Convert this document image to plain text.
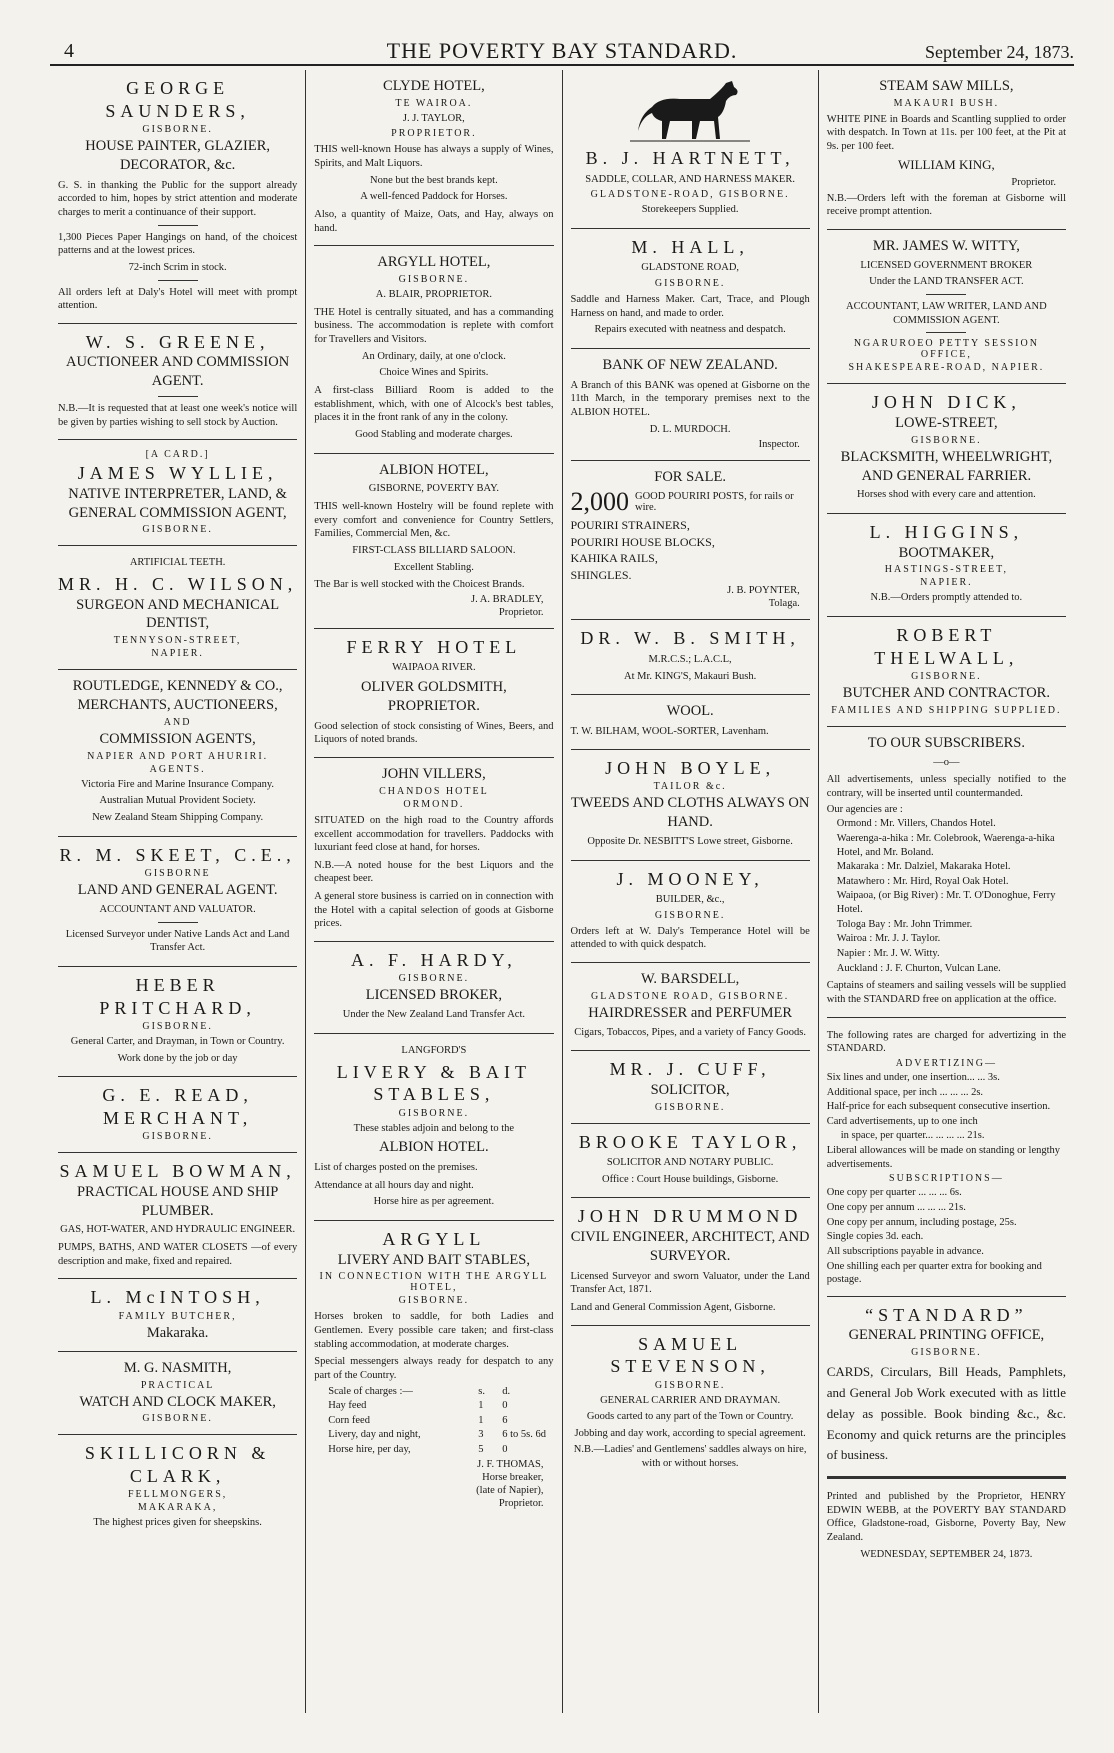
4	THE POVERTY BAY STANDARD.	September 24, 1873.
GEORGE SAUNDERS,
GISBORNE.
HOUSE PAINTER, GLAZIER, DECORATOR, &c.
G. S. in thanking the Public for the support already accorded to him, hopes by strict attention and moderate charges to merit a continuance of their support.
1,300 Pieces Paper Hangings on hand, of the choicest patterns and at the lowest prices.
72-inch Scrim in stock.
All orders left at Daly's Hotel will meet with prompt attention.
W. S. GREENE,
AUCTIONEER AND COMMISSION AGENT.
N.B.—It is requested that at least one week's notice will be given by parties wishing to sell stock by Auction.
[A CARD.]
JAMES WYLLIE,
NATIVE INTERPRETER, LAND, & GENERAL COMMISSION AGENT,
GISBORNE.
ARTIFICIAL TEETH.
MR. H. C. WILSON,
SURGEON AND MECHANICAL DENTIST,
TENNYSON-STREET,
NAPIER.
ROUTLEDGE, KENNEDY & CO.,
MERCHANTS, AUCTIONEERS,
AND
COMMISSION AGENTS,
NAPIER AND PORT AHURIRI.
AGENTS.
Victoria Fire and Marine Insurance Company.
Australian Mutual Provident Society.
New Zealand Steam Shipping Company.
R. M. SKEET, C.E.,
GISBORNE
LAND AND GENERAL AGENT.
ACCOUNTANT AND VALUATOR.
Licensed Surveyor under Native Lands Act and Land Transfer Act.
HEBER PRITCHARD,
GISBORNE.
General Carter, and Drayman, in Town or Country.
Work done by the job or day
G. E. READ,
MERCHANT,
GISBORNE.
SAMUEL BOWMAN,
PRACTICAL HOUSE AND SHIP PLUMBER.
GAS, HOT-WATER, AND HYDRAULIC ENGINEER.
PUMPS, BATHS, AND WATER CLOSETS —of every description and make, fixed and repaired.
L. McINTOSH,
FAMILY BUTCHER,
Makaraka.
M. G. NASMITH,
PRACTICAL
WATCH AND CLOCK MAKER,
GISBORNE.
SKILLICORN & CLARK,
FELLMONGERS,
MAKARAKA,
The highest prices given for sheepskins.
CLYDE HOTEL,
TE WAIROA.
J. J. TAYLOR,
PROPRIETOR.
THIS well-known House has always a supply of Wines, Spirits, and Malt Liquors.
None but the best brands kept.
A well-fenced Paddock for Horses.
Also, a quantity of Maize, Oats, and Hay, always on hand.
ARGYLL HOTEL,
GISBORNE.
A. BLAIR, PROPRIETOR.
THE Hotel is centrally situated, and has a commanding business. The accommodation is replete with comfort for Travellers and Visitors.
An Ordinary, daily, at one o'clock.
Choice Wines and Spirits.
A first-class Billiard Room is added to the establishment, which, with one of Alcock's best tables, places it in the front rank of any in the colony.
Good Stabling and moderate charges.
ALBION HOTEL,
GISBORNE, POVERTY BAY.
THIS well-known Hostelry will be found replete with every comfort and convenience for Country Settlers, Families, Commercial Men, &c.
FIRST-CLASS BILLIARD SALOON.
Excellent Stabling.
The Bar is well stocked with the Choicest Brands.
J. A. BRADLEY,
Proprietor.
FERRY HOTEL
WAIPAOA RIVER.
OLIVER GOLDSMITH, PROPRIETOR.
Good selection of stock consisting of Wines, Beers, and Liquors of noted brands.
JOHN VILLERS,
CHANDOS HOTEL
ORMOND.
SITUATED on the high road to the Country affords excellent accommodation for travellers. Paddocks with luxuriant feed close at hand, for horses.
N.B.—A noted house for the best Liquors and the cheapest beer.
A general store business is carried on in connection with the Hotel with a capital selection of goods at Gisborne prices.
A. F. HARDY,
GISBORNE.
LICENSED BROKER,
Under the New Zealand Land Transfer Act.
LANGFORD'S
LIVERY & BAIT STABLES,
GISBORNE.
These stables adjoin and belong to the
ALBION HOTEL.
List of charges posted on the premises.
Attendance at all hours day and night.
Horse hire as per agreement.
ARGYLL
LIVERY AND BAIT STABLES,
IN CONNECTION WITH THE ARGYLL HOTEL,
GISBORNE.
Horses broken to saddle, for both Ladies and Gentlemen. Every possible care taken; and first-class stabling accommodation, at moderate charges.
Special messengers always ready for despatch to any part of the Country.
Scale of charges :—	s.	d.
Hay feed	1	0
Corn feed	1	6
Livery, day and night,	3	6 to 5s. 6d
Horse hire, per day,	5	0
J. F. THOMAS,
Horse breaker,
(late of Napier),
Proprietor.
B. J. HARTNETT,
SADDLE, COLLAR, AND HARNESS MAKER.
GLADSTONE-ROAD, GISBORNE.
Storekeepers Supplied.
M. HALL,
GLADSTONE ROAD,
GISBORNE.
Saddle and Harness Maker. Cart, Trace, and Plough Harness on hand, and made to order.
Repairs executed with neatness and despatch.
BANK OF NEW ZEALAND.
A Branch of this BANK was opened at Gisborne on the 11th March, in the temporary premises next to the ALBION HOTEL.
D. L. MURDOCH.
Inspector.
FOR SALE.
2,000 GOOD POURIRI POSTS, for rails or wire.
POURIRI STRAINERS,
POURIRI HOUSE BLOCKS,
KAHIKA RAILS,
SHINGLES.
J. B. POYNTER,
Tolaga.
DR. W. B. SMITH,
M.R.C.S.; L.A.C.L,
At Mr. KING'S, Makauri Bush.
WOOL.
T. W. BILHAM, WOOL-SORTER, Lavenham.
JOHN BOYLE,
TAILOR &c.
TWEEDS AND CLOTHS ALWAYS ON HAND.
Opposite Dr. NESBITT'S Lowe street, Gisborne.
J. MOONEY,
BUILDER, &c.,
GISBORNE.
Orders left at W. Daly's Temperance Hotel will be attended to with quick despatch.
W. BARSDELL,
GLADSTONE ROAD, GISBORNE.
HAIRDRESSER and PERFUMER
Cigars, Tobaccos, Pipes, and a variety of Fancy Goods.
MR. J. CUFF,
SOLICITOR,
GISBORNE.
BROOKE TAYLOR,
SOLICITOR AND NOTARY PUBLIC.
Office : Court House buildings, Gisborne.
JOHN DRUMMOND
CIVIL ENGINEER, ARCHITECT, AND SURVEYOR.
Licensed Surveyor and sworn Valuator, under the Land Transfer Act, 1871.
Land and General Commission Agent, Gisborne.
SAMUEL STEVENSON,
GISBORNE.
GENERAL CARRIER AND DRAYMAN.
Goods carted to any part of the Town or Country.
Jobbing and day work, according to special agreement.
N.B.—Ladies' and Gentlemens' saddles always on hire, with or without horses.
STEAM SAW MILLS,
MAKAURI BUSH.
WHITE PINE in Boards and Scantling supplied to order with despatch. In Town at 11s. per 100 feet, at the Pit at 9s. per 100 feet.
WILLIAM KING,
Proprietor.
N.B.—Orders left with the foreman at Gisborne will receive prompt attention.
MR. JAMES W. WITTY,
LICENSED GOVERNMENT BROKER
Under the LAND TRANSFER ACT.
ACCOUNTANT, LAW WRITER, LAND AND COMMISSION AGENT.
NGARUROEO PETTY SESSION OFFICE,
SHAKESPEARE-ROAD, NAPIER.
JOHN DICK,
LOWE-STREET,
GISBORNE.
BLACKSMITH, WHEELWRIGHT, AND GENERAL FARRIER.
Horses shod with every care and attention.
L. HIGGINS,
BOOTMAKER,
HASTINGS-STREET,
NAPIER.
N.B.—Orders promptly attended to.
ROBERT THELWALL,
GISBORNE.
BUTCHER AND CONTRACTOR.
FAMILIES AND SHIPPING SUPPLIED.
TO OUR SUBSCRIBERS.
—o—
All advertisements, unless specially notified to the contrary, will be inserted until countermanded.
Our agencies are :
Ormond : Mr. Villers, Chandos Hotel.
Waerenga-a-hika : Mr. Colebrook, Waerenga-a-hika Hotel, and Mr. Boland.
Makaraka : Mr. Dalziel, Makaraka Hotel.
Matawhero : Mr. Hird, Royal Oak Hotel.
Waipaoa, (or Big River) : Mr. T. O'Donoghue, Ferry Hotel.
Tologa Bay : Mr. John Trimmer.
Wairoa : Mr. J. J. Taylor.
Napier : Mr. J. W. Witty.
Auckland : J. F. Churton, Vulcan Lane.
Captains of steamers and sailing vessels will be supplied with the STANDARD free on application at the office.
The following rates are charged for advertizing in the STANDARD.
ADVERTIZING—
Six lines and under, one insertion... ... 3s.
Additional space, per inch ... ... ... 2s.
Half-price for each subsequent consecutive insertion.
Card advertisements, up to one inch
in space, per quarter... ... ... ... 21s.
Liberal allowances will be made on standing or lengthy advertisements.
SUBSCRIPTIONS—
One copy per quarter ... ... ... 6s.
One copy per annum ... ... ... 21s.
One copy per annum, including postage, 25s.
Single copies 3d. each.
All subscriptions payable in advance.
One shilling each per quarter extra for booking and postage.
“STANDARD”
GENERAL PRINTING OFFICE,
GISBORNE.
CARDS, Circulars, Bill Heads, Pamphlets, and General Job Work executed with as little delay as possible. Book binding &c., &c. Economy and quick returns are the principles of business.
Printed and published by the Proprietor, HENRY EDWIN WEBB, at the POVERTY BAY STANDARD Office, Gladstone-road, Gisborne, Poverty Bay, New Zealand.
WEDNESDAY, SEPTEMBER 24, 1873.
